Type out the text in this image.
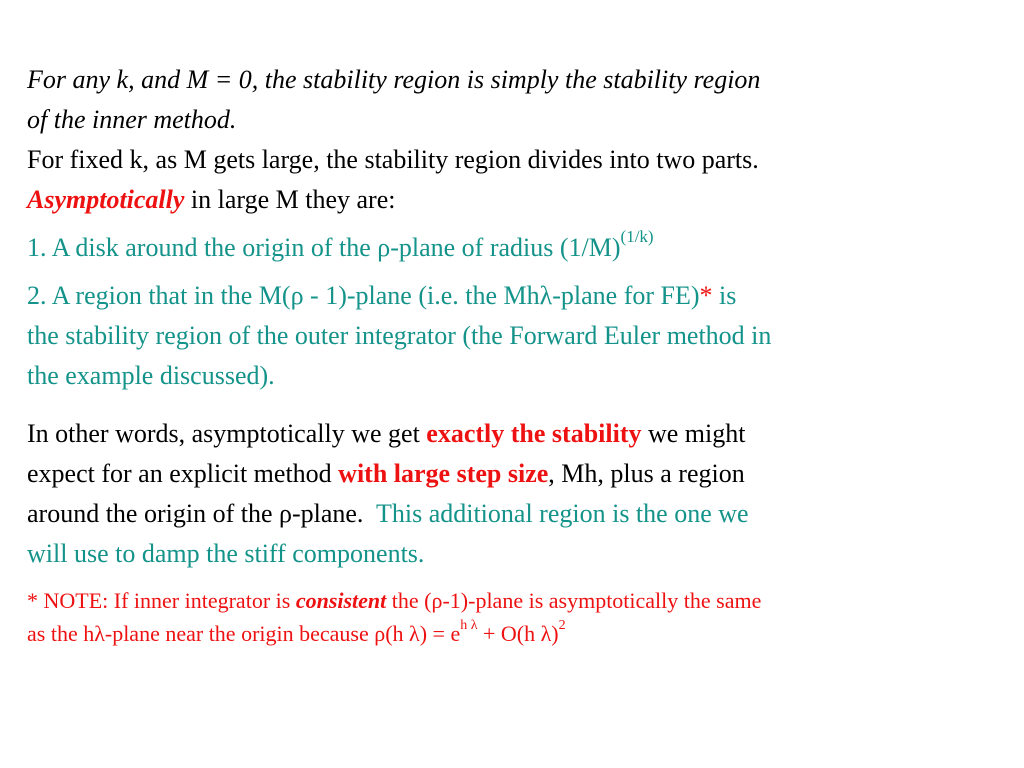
For any k, and M = 0, the stability region is simply the stability region

of the inner method.

For fixed k, as M gets large, the stability region divides into two parts.

Asymptotically in large M they are:

1. A disk around the origin of the ρ-plane of radius $(1/M)^{(1/k)}$

2. A region that in the M(ρ - 1)-plane (i.e. the Mhλ-plane for FE)* is

the stability region of the outer integrator (the Forward Euler method in

the example discussed).

In other words, asymptotically we get exactly the stability we might

expect for an explicit method with large step size, Mh, plus a region

around the origin of the ρ-plane.  This additional region is the one we

will use to damp the stiff components.

* NOTE: If inner integrator is consistent the (ρ-1)-plane is asymptotically the same

as the hλ-plane near the origin because ρ(h $\lambda) = e^{h \lambda} + O(h$ λ)$^2$
